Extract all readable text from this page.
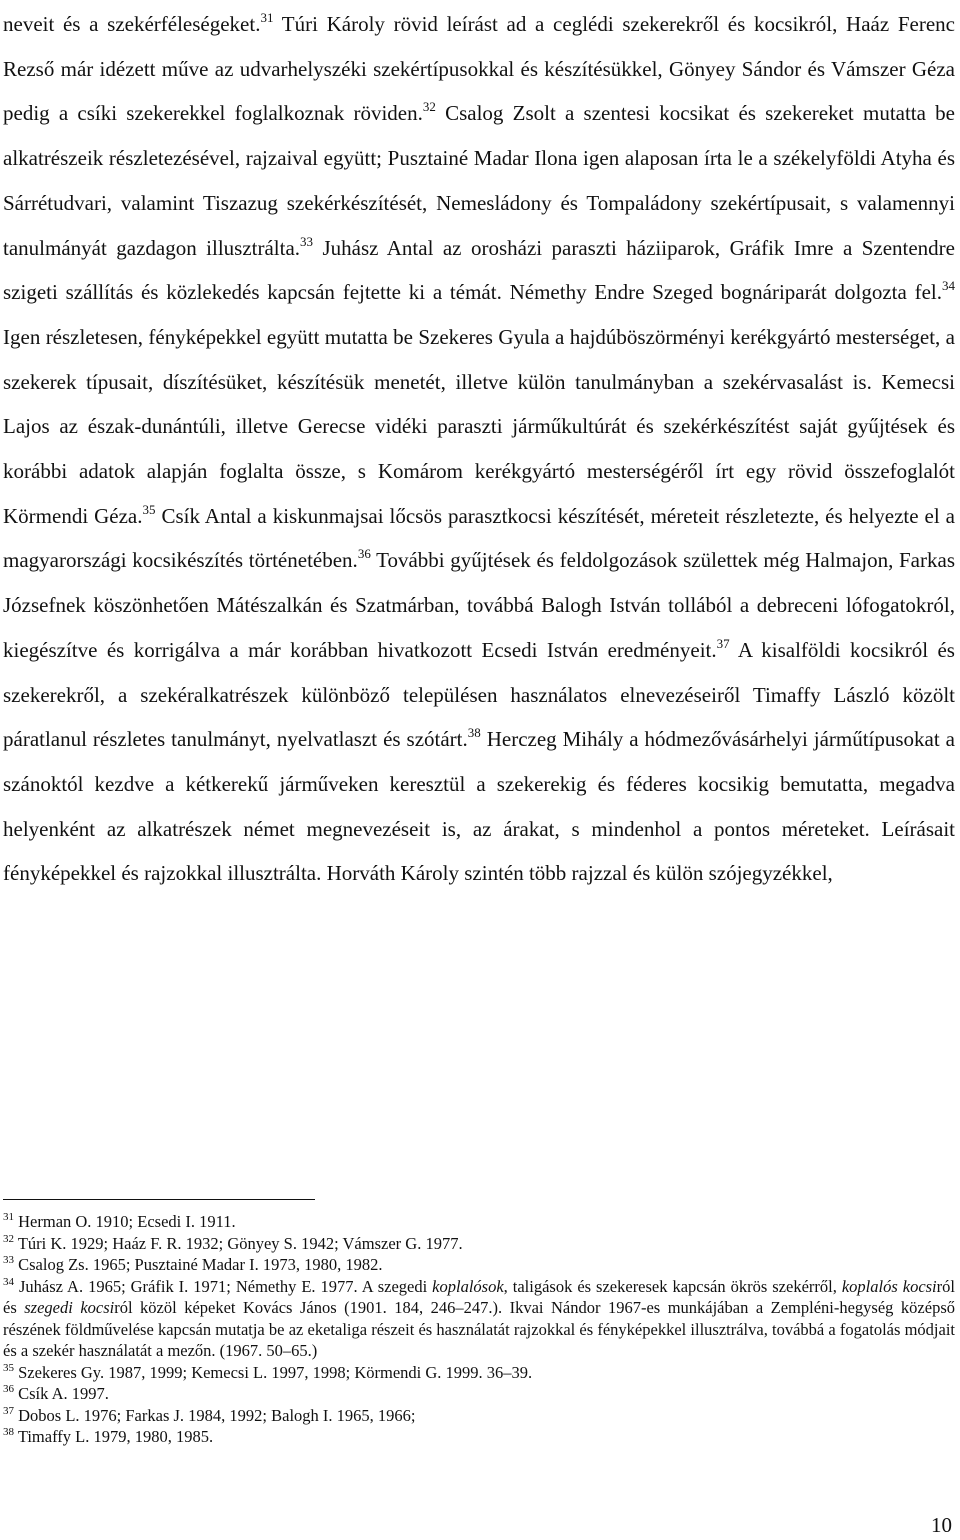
neveit és a szekérféleségeket.$^{31}$ Túri Károly rövid leírást ad a ceglédi szekerekről és kocsikról, Haáz Ferenc Rezső már idézett műve az udvarhelyszéki szekértípusokkal és készítésükkel, Gönyey Sándor és Vámszer Géza pedig a csíki szekerekkel foglalkoznak röviden.$^{32}$ Csalog Zsolt a szentesi kocsikat és szekereket mutatta be alkatrészeik részletezésével, rajzaival együtt; Pusztainé Madar Ilona igen alaposan írta le a székelyföldi Atyha és Sárrétudvari, valamint Tiszazug szekérkészítését, Nemesládony és Tompaládony szekértípusait, s valamennyi tanulmányát gazdagon illusztrálta.$^{33}$ Juhász Antal az orosházi paraszti háziiparok, Gráfik Imre a Szentendre szigeti szállítás és közlekedés kapcsán fejtette ki a témát. Némethy Endre Szeged bognáriparát dolgozta fel.$^{34}$ Igen részletesen, fényképekkel együtt mutatta be Szekeres Gyula a hajdúböszörményi kerékgyártó mesterséget, a szekerek típusait, díszítésüket, készítésük menetét, illetve külön tanulmányban a szekérvasalást is. Kemecsi Lajos az észak-dunántúli, illetve Gerecse vidéki paraszti járműkultúrát és szekérkészítést saját gyűjtések és korábbi adatok alapján foglalta össze, s Komárom kerékgyártó mesterségéről írt egy rövid összefoglalót Körmendi Géza.$^{35}$ Csík Antal a kiskunmajsai lőcsös parasztkocsi készítését, méreteit részletezte, és helyezte el a magyarországi kocsikészítés történetében.$^{36}$ További gyűjtések és feldolgozások születtek még Halmajon, Farkas Józsefnek köszönhetően Mátészalkán és Szatmárban, továbbá Balogh István tollából a debreceni lófogatokról, kiegészítve és korrigálva a már korábban hivatkozott Ecsedi István eredményeit.$^{37}$ A kisalföldi kocsikról és szekerekről, a szekéralkatrészek különböző településen használatos elnevezéseiről Timaffy László közölt páratlanul részletes tanulmányt, nyelvatlaszt és szótárt.$^{38}$ Herczeg Mihály a hódmezővásárhelyi járműtípusokat a szánoktól kezdve a kétkerekű járműveken keresztül a szekerekig és féderes kocsikig bemutatta, megadva helyenként az alkatrészek német megnevezéseit is, az árakat, s mindenhol a pontos méreteket. Leírásait fényképekkel és rajzokkal illusztrálta. Horváth Károly szintén több rajzzal és külön szójegyzékkel,

$^{31}$ Herman O. 1910; Ecsedi I. 1911.

$^{32}$ Túri K. 1929; Haáz F. R. 1932; Gönyey S. 1942; Vámszer G. 1977.

$^{33}$ Csalog Zs. 1965; Pusztainé Madar I. 1973, 1980, 1982.

$^{34}$ Juhász A. 1965; Gráfik I. 1971; Némethy E. 1977. A szegedi koplalósok, taligások és szekeresek kapcsán ökrös szekérről, koplalós kocsiról és szegedi kocsiról közöl képeket Kovács János (1901. 184, 246–247.). Ikvai Nándor 1967-es munkájában a Zempléni-hegység középső részének földművelése kapcsán mutatja be az eketaliga részeit és használatát rajzokkal és fényképekkel illusztrálva, továbbá a fogatolás módjait és a szekér használatát a mezőn. (1967. 50–65.)

$^{35}$ Szekeres Gy. 1987, 1999; Kemecsi L. 1997, 1998; Körmendi G. 1999. 36–39.

$^{36}$ Csík A. 1997.

$^{37}$ Dobos L. 1976; Farkas J. 1984, 1992; Balogh I. 1965, 1966;

$^{38}$ Timaffy L. 1979, 1980, 1985.

10
